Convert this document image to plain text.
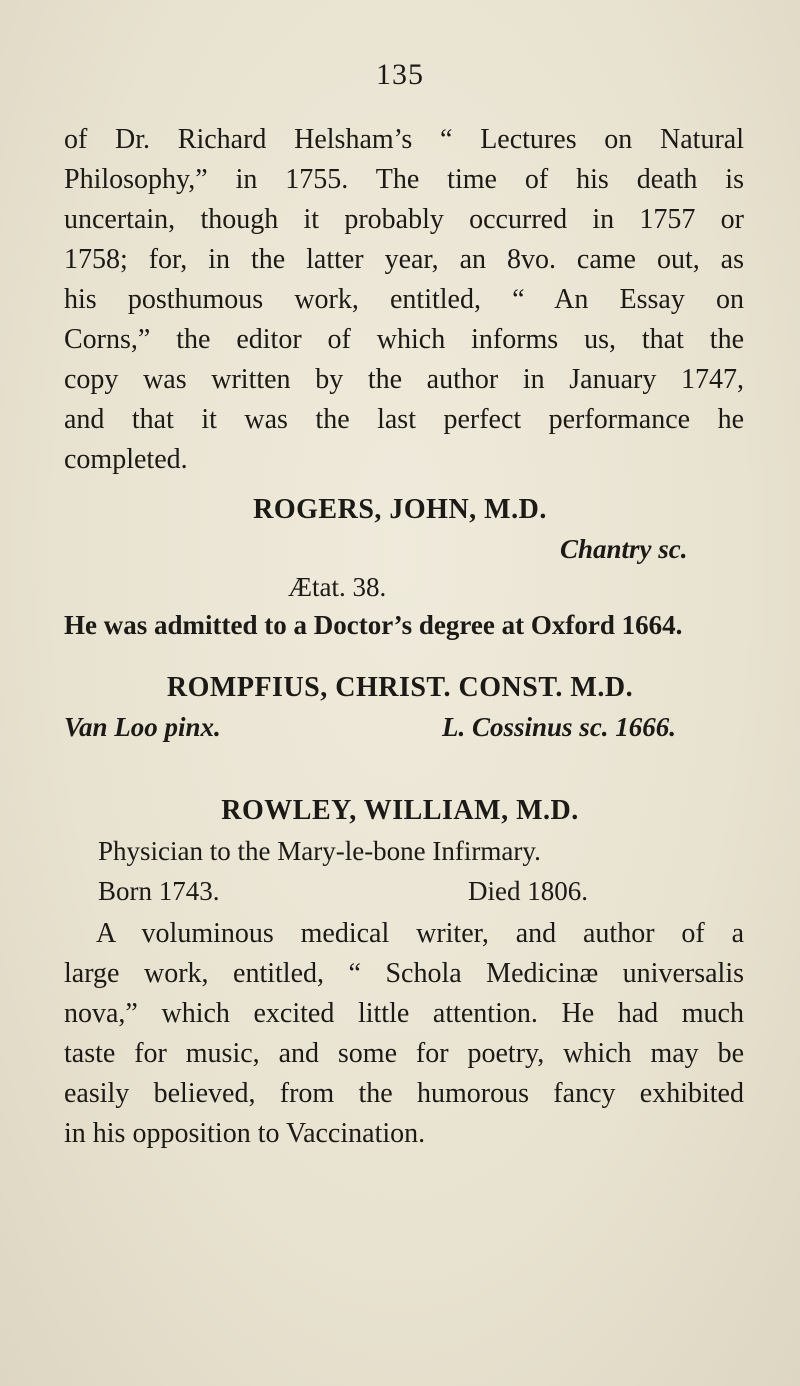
135
of Dr. Richard Helsham’s “ Lectures on Natural
Philosophy,” in 1755. The time of his death is
uncertain, though it probably occurred in 1757 or
1758; for, in the latter year, an 8vo. came out, as
his posthumous work, entitled, “ An Essay on
Corns,” the editor of which informs us, that the
copy was written by the author in January 1747,
and that it was the last perfect performance he
completed.
ROGERS, JOHN, M.D.
Chantry sc.
Ætat. 38.
He was admitted to a Doctor’s degree at Oxford 1664.
ROMPFIUS, CHRIST. CONST. M.D.
Van Loo pinx.	L. Cossinus sc. 1666.
ROWLEY, WILLIAM, M.D.
Physician to the Mary-le-bone Infirmary.
Born 1743.	Died 1806.
A voluminous medical writer, and author of a
large work, entitled, “ Schola Medicinæ universalis
nova,” which excited little attention. He had much
taste for music, and some for poetry, which may be
easily believed, from the humorous fancy exhibited
in his opposition to Vaccination.
